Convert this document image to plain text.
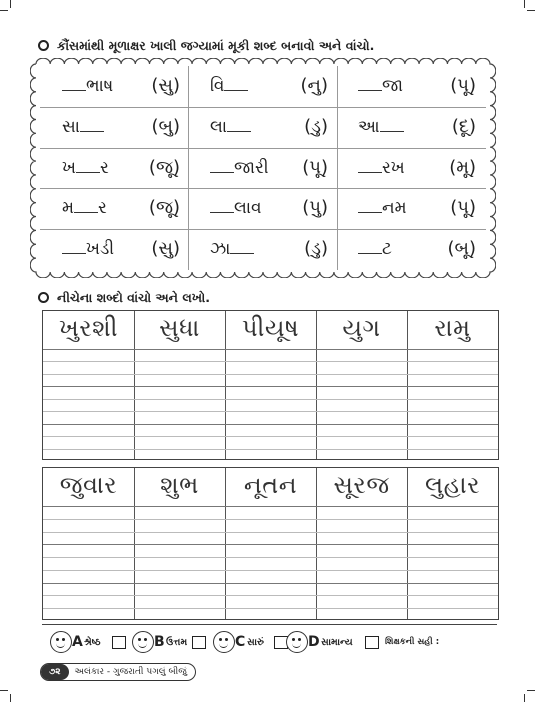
કૌંસમાંથી મૂળાક્ષર ખાલી જગ્યામાં મૂકી શબ્દ બનાવો અને વાંચો.
ભાષ (સુ) વિ	(નુ)	જા	(પૂ)
સા	(બુ) લા	(ડુ) આ	(દૂ)
ખ ર (જૂ)	જારી (પૂ)	રખ (મૂ)
મ ર (જૂ)	લાવ (પુ)	નમ (પૂ)
ખડી (સુ) ઝા	(ડુ)	ટ	(બૂ)
નીચેના શબ્દો વાંચો અને લખો.
ખુરશી	સુધા	પીયૂષ	યુગ	રામુ
જુવાર	શુભ	નૂતન	સૂરજ	લુહાર
A શ્રેષ્ઠ	B ઉત્તમ	C સારું	D સામાન્ય	શિક્ષકની સહી :
૭૨ અલંકાર - ગુજરાતી પગલું બીજું
